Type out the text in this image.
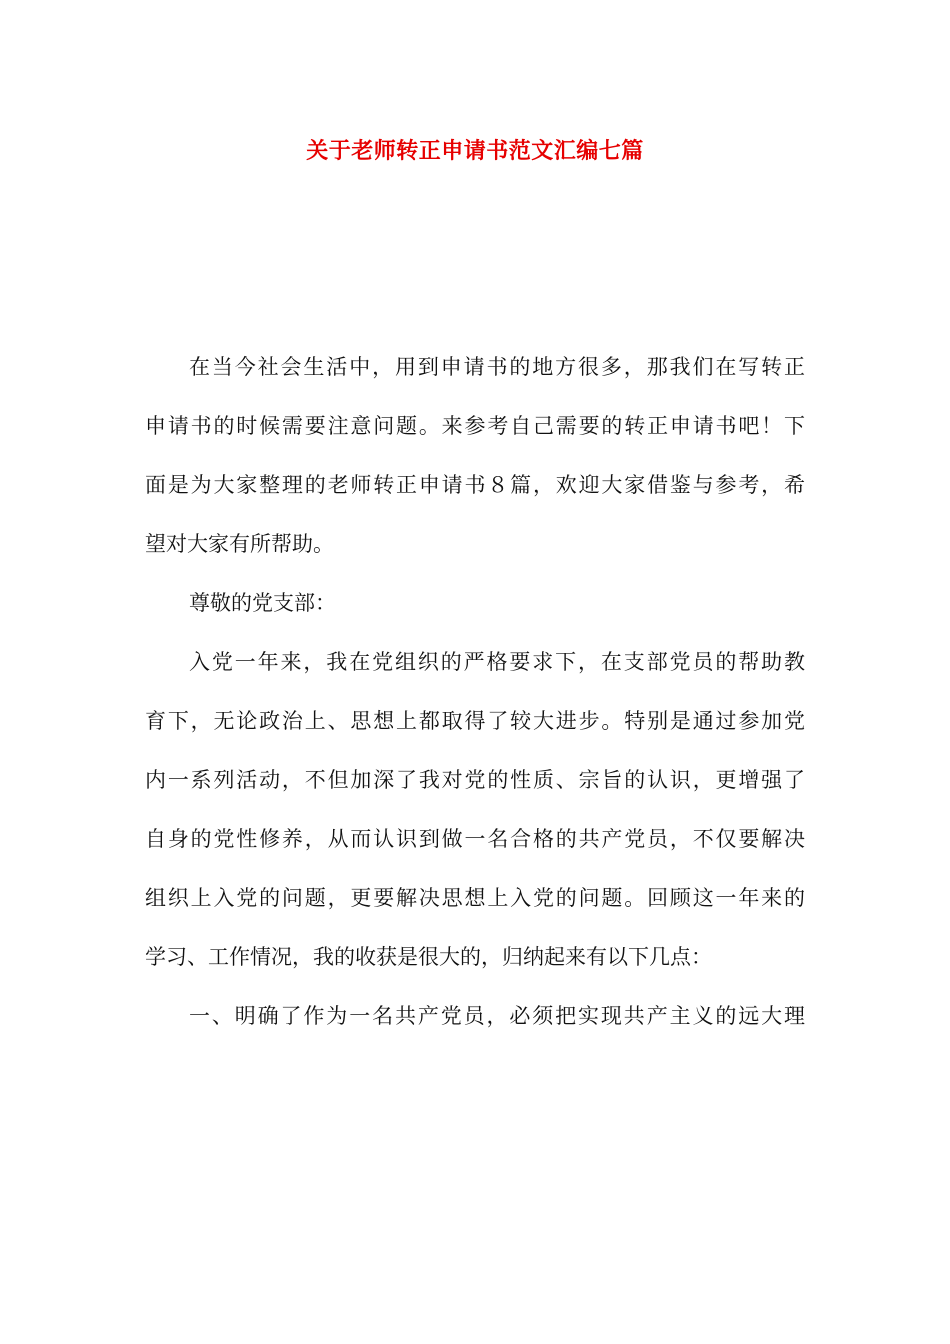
关于老师转正申请书范文汇编七篇
在当今社会生活中，用到申请书的地方很多，那我们在写转正
申请书的时候需要注意问题。来参考自己需要的转正申请书吧！下
面是为大家整理的老师转正申请书８篇，欢迎大家借鉴与参考，希
望对大家有所帮助。
尊敬的党支部：
入党一年来，我在党组织的严格要求下，在支部党员的帮助教
育下，无论政治上、思想上都取得了较大进步。特别是通过参加党
内一系列活动，不但加深了我对党的性质、宗旨的认识，更增强了
自身的党性修养，从而认识到做一名合格的共产党员，不仅要解决
组织上入党的问题，更要解决思想上入党的问题。回顾这一年来的
学习、工作情况，我的收获是很大的，归纳起来有以下几点：
一、明确了作为一名共产党员，必须把实现共产主义的远大理
